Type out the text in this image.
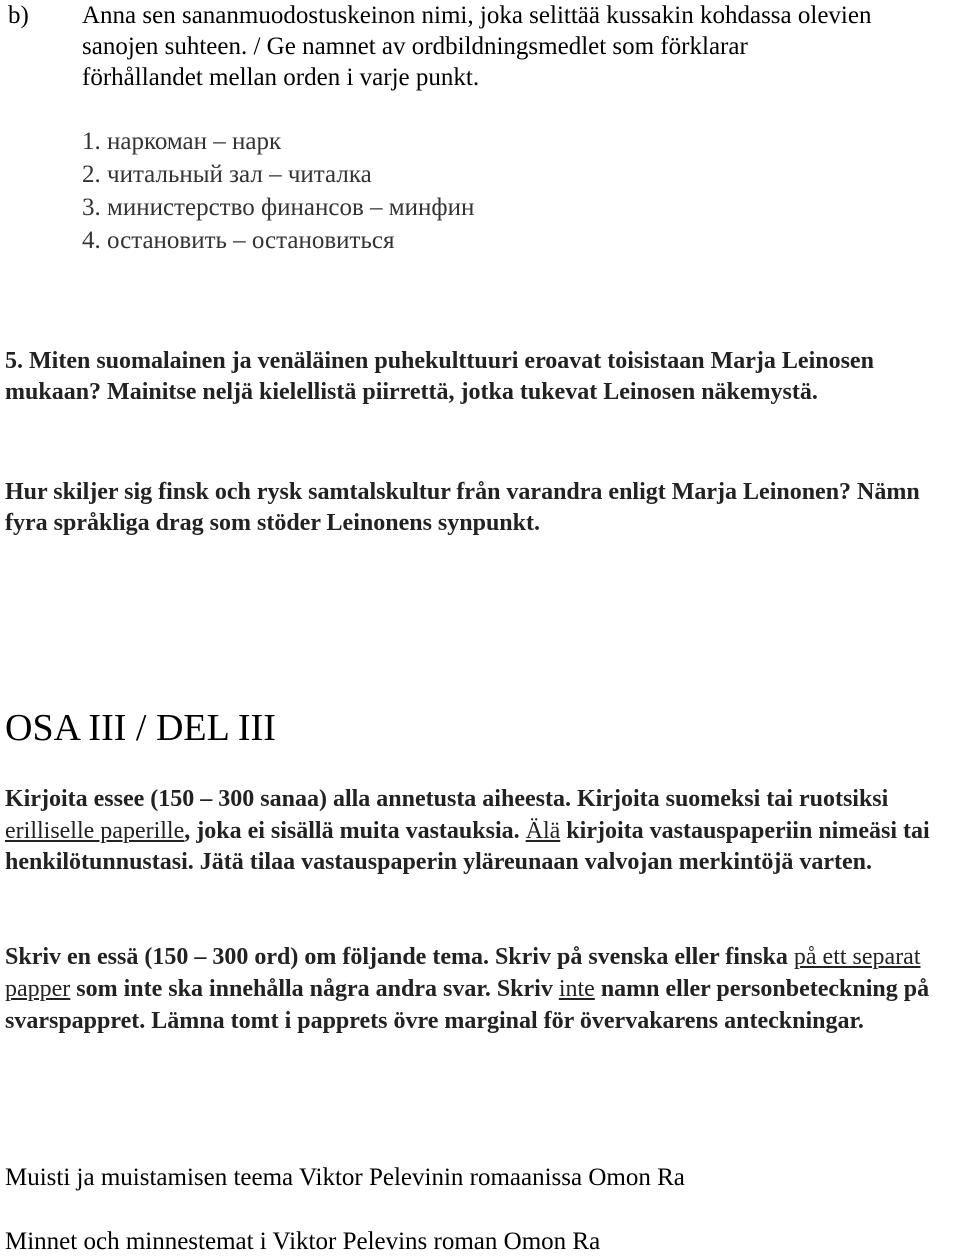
b) Anna sen sananmuodostuskeinon nimi, joka selittää kussakin kohdassa olevien

sanojen suhteen. / Ge namnet av ordbildningsmedlet som förklarar

förhållandet mellan orden i varje punkt.

1. наркоман – нарк
2. читальный зал – читалка
3. министерство финансов – минфин
4. остановить – остановиться

5. Miten suomalainen ja venäläinen puhekulttuuri eroavat toisistaan Marja Leinosen mukaan? Mainitse neljä kielellistä piirrettä, jotka tukevat Leinosen näkemystä.

Hur skiljer sig finsk och rysk samtalskultur från varandra enligt Marja Leinonen? Nämn fyra språkliga drag som stöder Leinonens synpunkt.

OSA III / DEL III

Kirjoita essee (150 – 300 sanaa) alla annetusta aiheesta. Kirjoita suomeksi tai ruotsiksi erilliselle paperille, joka ei sisällä muita vastauksia. Älä kirjoita vastauspaperiin nimeäsi tai henkilötunnustasi. Jätä tilaa vastauspaperin yläreunaan valvojan merkintöjä varten.

Skriv en essä (150 – 300 ord) om följande tema. Skriv på svenska eller finska på ett separat papper som inte ska innehålla några andra svar. Skriv inte namn eller personbeteckning på svarspappret. Lämna tomt i papprets övre marginal för övervakarens anteckningar.

Muisti ja muistamisen teema Viktor Pelevinin romaanissa Omon Ra

Minnet och minnestemat i Viktor Pelevins roman Omon Ra
